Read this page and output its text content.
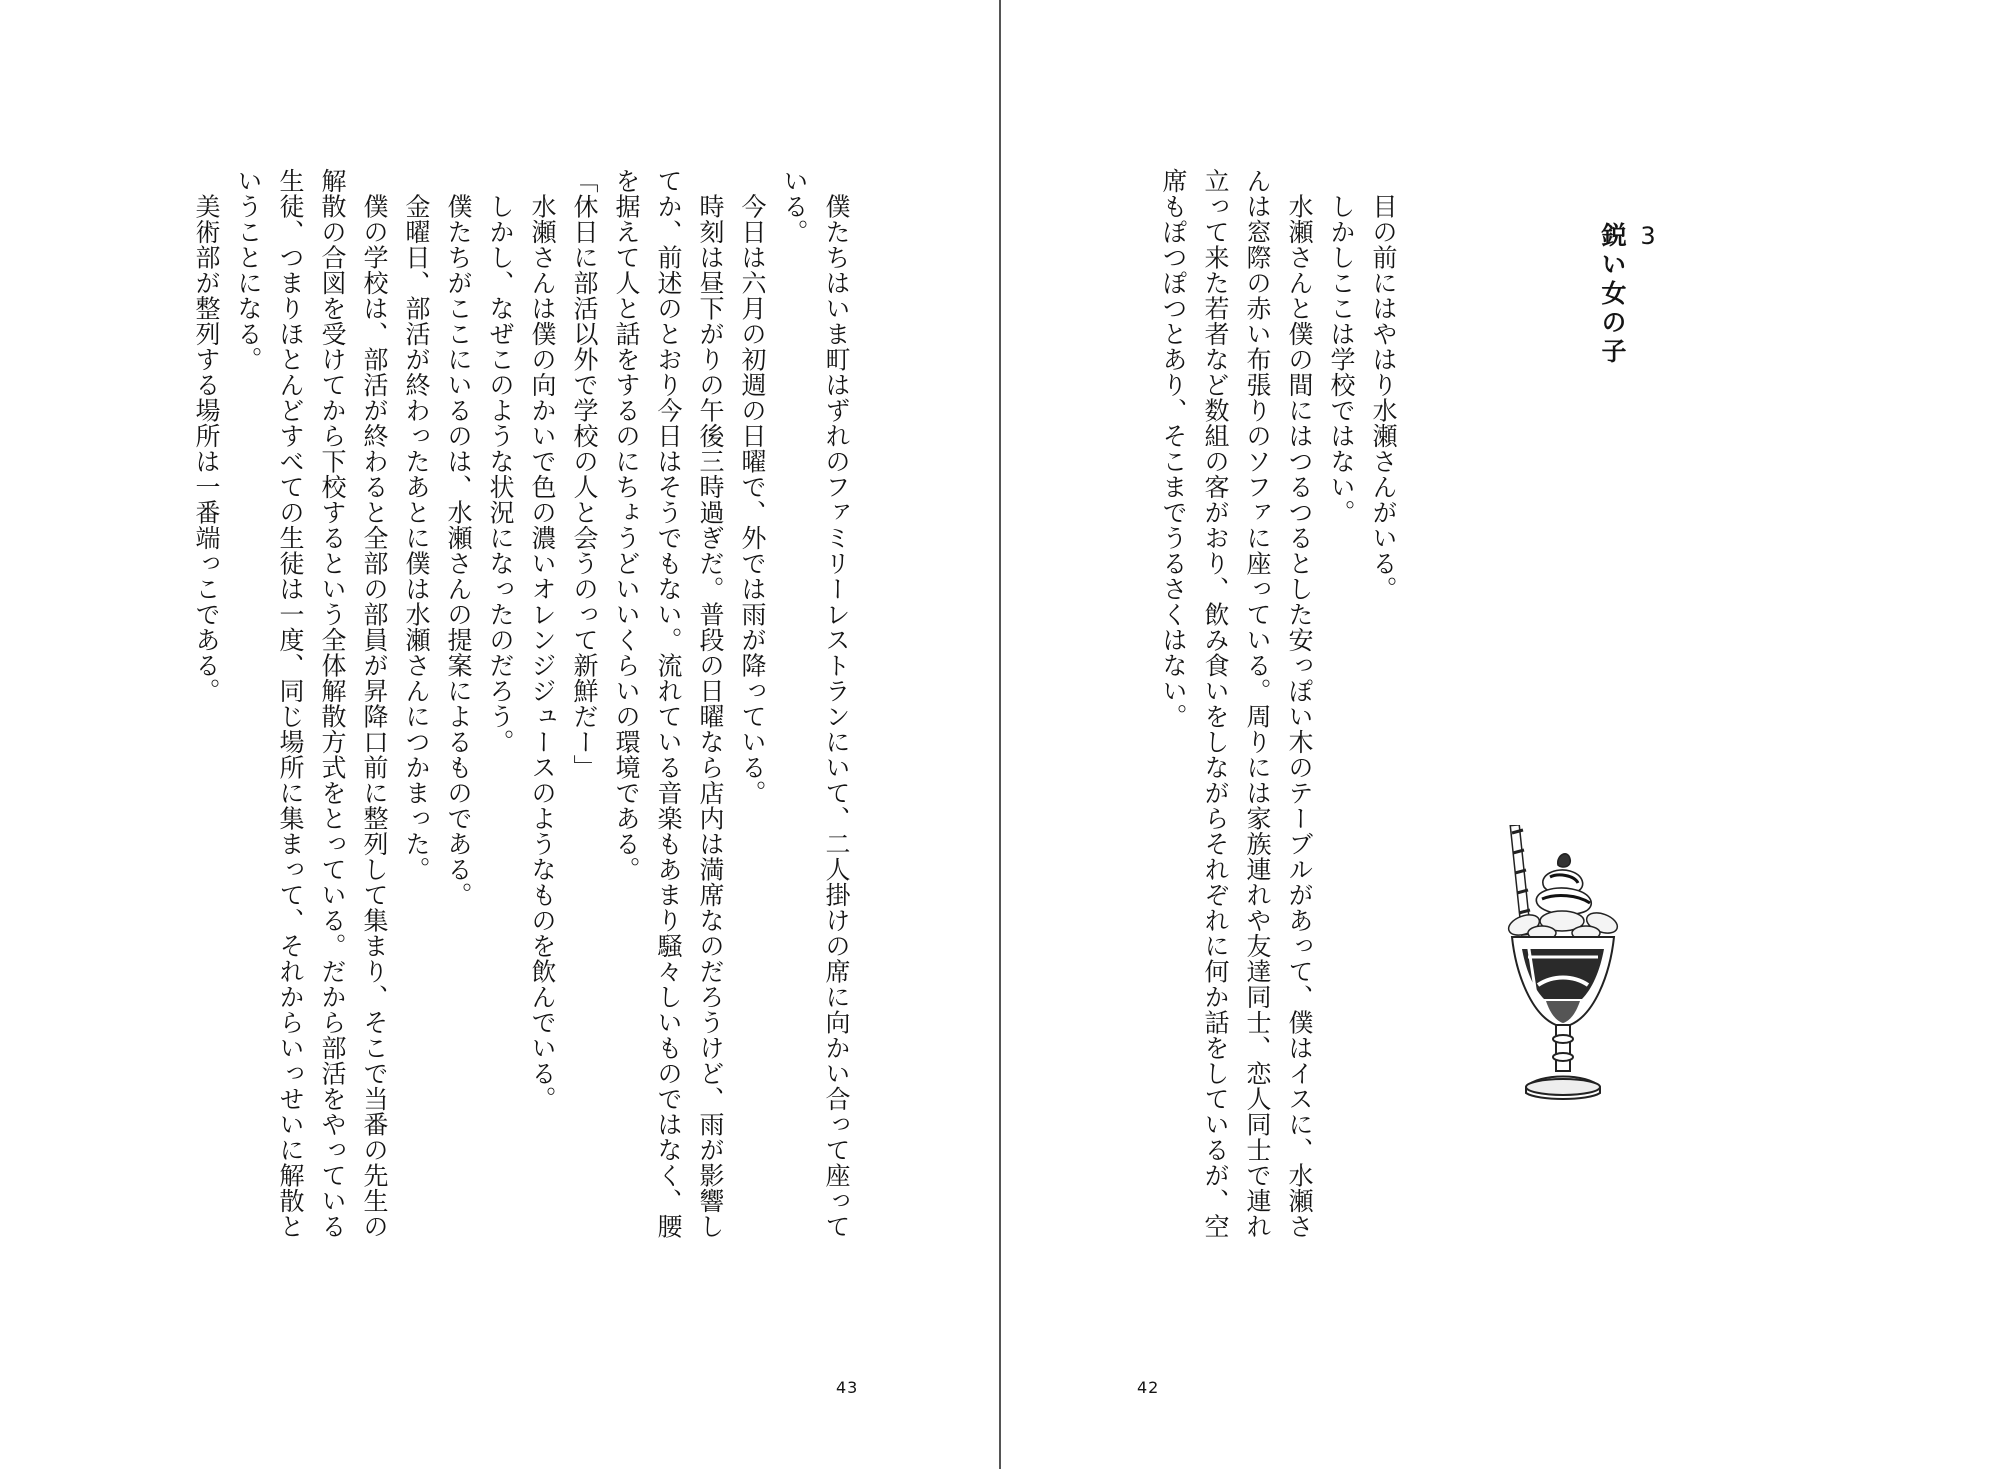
　僕たちはいま町はずれのファミリーレストランにいて、二人掛けの席に向かい合って座って

いる。

　今日は六月の初週の日曜で、外では雨が降っている。

　時刻は昼下がりの午後三時過ぎだ。普段の日曜なら店内は満席なのだろうけど、雨が影響し

てか、前述のとおり今日はそうでもない。流れている音楽もあまり騒々しいものではなく、腰

を据えて人と話をするのにちょうどいいくらいの環境である。

「休日に部活以外で学校の人と会うのって新鮮だー」

　水瀬さんは僕の向かいで色の濃いオレンジジュースのようなものを飲んでいる。

　しかし、なぜこのような状況になったのだろう。

　僕たちがここにいるのは、水瀬さんの提案によるものである。

　金曜日、部活が終わったあとに僕は水瀬さんにつかまった。

　僕の学校は、部活が終わると全部の部員が昇降口前に整列して集まり、そこで当番の先生の

解散の合図を受けてから下校するという全体解散方式をとっている。だから部活をやっている

生徒、つまりほとんどすべての生徒は一度、同じ場所に集まって、それからいっせいに解散と

いうことになる。

　美術部が整列する場所は一番端っこである。

43

3

鋭い女の子

　目の前にはやはり水瀬さんがいる。

　しかしここは学校ではない。

　水瀬さんと僕の間にはつるつるとした安っぽい木のテーブルがあって、僕はイスに、水瀬さ

んは窓際の赤い布張りのソファに座っている。周りには家族連れや友達同士、恋人同士で連れ

立って来た若者など数組の客がおり、飲み食いをしながらそれぞれに何か話をしているが、空

席もぽつぽつとあり、そこまでうるさくはない。

42
